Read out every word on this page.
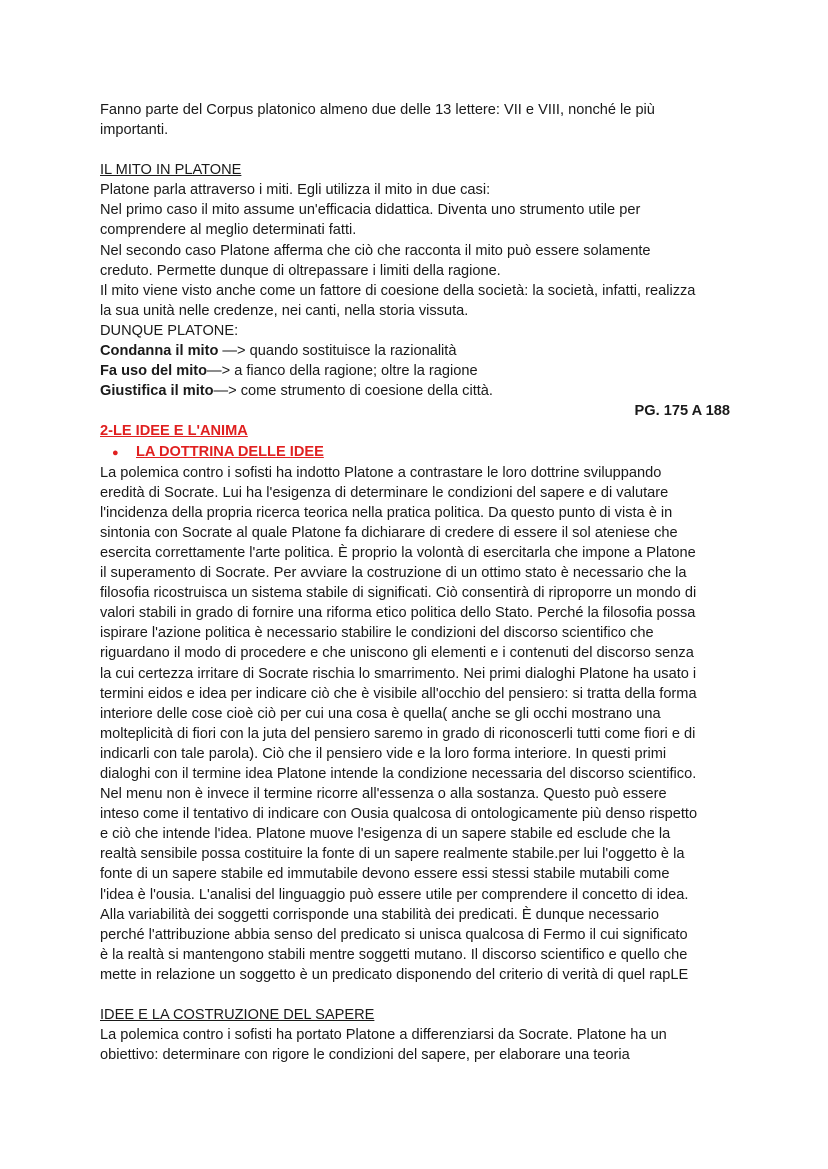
Fanno parte del Corpus platonico almeno due delle 13 lettere: VII e VIII, nonché le più

importanti.

IL MITO IN PLATONE

Platone parla attraverso i miti. Egli utilizza il mito in due casi:

Nel primo caso il mito assume un'efficacia didattica. Diventa uno strumento utile per

comprendere al meglio determinati fatti.

Nel secondo caso Platone afferma che ciò che racconta il mito può essere solamente

creduto. Permette dunque di oltrepassare i limiti della ragione.

Il mito viene visto anche come un fattore di coesione della società: la società, infatti, realizza

la sua unità nelle credenze, nei canti, nella storia vissuta.

DUNQUE PLATONE:

Condanna il mito —> quando sostituisce la razionalità

Fa uso del mito—> a fianco della ragione; oltre la ragione

Giustifica il mito—> come strumento di coesione della città.

PG. 175 A 188

2-LE IDEE E L'ANIMA

● LA DOTTRINA DELLE IDEE

La polemica contro i sofisti ha indotto Platone a contrastare le loro dottrine sviluppando

eredità di Socrate. Lui ha l'esigenza di determinare le condizioni del sapere e di valutare

l'incidenza della propria ricerca teorica nella pratica politica. Da questo punto di vista è in

sintonia con Socrate al quale Platone fa dichiarare di credere di essere il sol ateniese che

esercita correttamente l'arte politica. È proprio la volontà di esercitarla che impone a Platone

il superamento di Socrate. Per avviare la costruzione di un ottimo stato è necessario che la

filosofia ricostruisca un sistema stabile di significati. Ciò consentirà di riproporre un mondo di

valori stabili in grado di fornire una riforma etico politica dello Stato. Perché la filosofia possa

ispirare l'azione politica è necessario stabilire le condizioni del discorso scientifico che

riguardano il modo di procedere e che uniscono gli elementi e i contenuti del discorso senza

la cui certezza irritare di Socrate rischia lo smarrimento. Nei primi dialoghi Platone ha usato i

termini eidos e idea per indicare ciò che è visibile all'occhio del pensiero: si tratta della forma

interiore delle cose cioè ciò per cui una cosa è quella( anche se gli occhi mostrano una

molteplicità di fiori con la juta del pensiero saremo in grado di riconoscerli tutti come fiori e di

indicarli con tale parola). Ciò che il pensiero vide e la loro forma interiore. In questi primi

dialoghi con il termine idea Platone intende la condizione necessaria del discorso scientifico.

Nel menu non è invece il termine ricorre all'essenza o alla sostanza. Questo può essere

inteso come il tentativo di indicare con Ousia qualcosa di ontologicamente più denso rispetto

e ciò che intende l'idea. Platone muove l'esigenza di un sapere stabile ed esclude che la

realtà sensibile possa costituire la fonte di un sapere realmente stabile.per lui l'oggetto è la

fonte di un sapere stabile ed immutabile devono essere essi stessi stabile mutabili come

l'idea è l'ousia. L'analisi del linguaggio può essere utile per comprendere il concetto di idea.

Alla variabilità dei soggetti corrisponde una stabilità dei predicati. È dunque necessario

perché l'attribuzione abbia senso del predicato si unisca qualcosa di Fermo il cui significato

è la realtà si mantengono stabili mentre soggetti mutano. Il discorso scientifico e quello che

mette in relazione un soggetto è un predicato disponendo del criterio di verità di quel rapLE

IDEE E LA COSTRUZIONE DEL SAPERE

La polemica contro i sofisti ha portato Platone a differenziarsi da Socrate. Platone ha un

obiettivo: determinare con rigore le condizioni del sapere, per elaborare una teoria
